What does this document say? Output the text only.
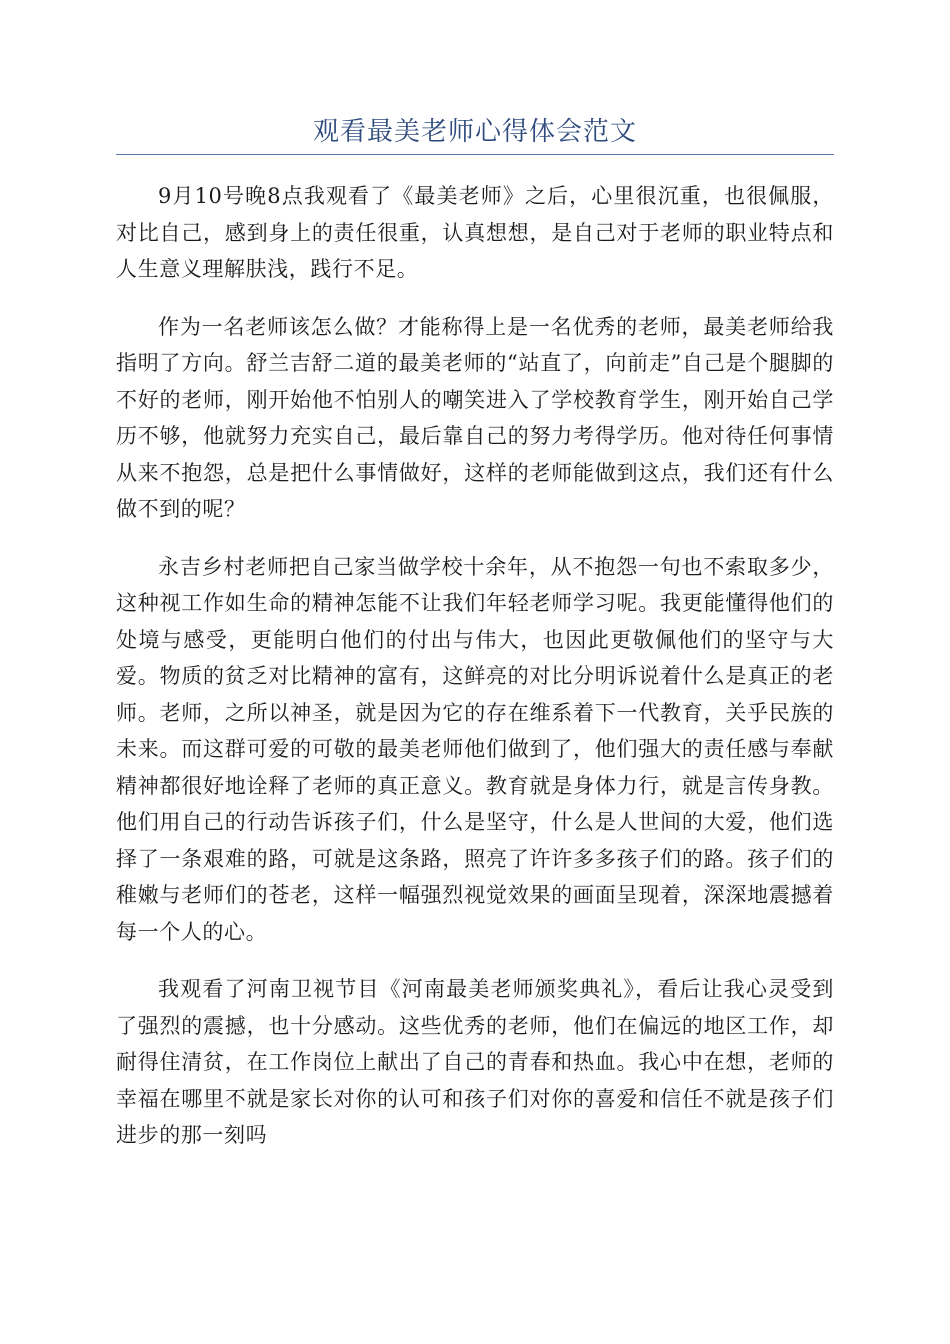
观看最美老师心得体会范文

9月10号晚8点我观看了《最美老师》之后，心里很沉重，也很佩服，对比自己，感到身上的责任很重，认真想想，是自己对于老师的职业特点和人生意义理解肤浅，践行不足。

作为一名老师该怎么做？才能称得上是一名优秀的老师，最美老师给我指明了方向。舒兰吉舒二道的最美老师的“站直了，向前走”自己是个腿脚的不好的老师，刚开始他不怕别人的嘲笑进入了学校教育学生，刚开始自己学历不够，他就努力充实自己，最后靠自己的努力考得学历。他对待任何事情从来不抱怨，总是把什么事情做好，这样的老师能做到这点，我们还有什么做不到的呢？

永吉乡村老师把自己家当做学校十余年，从不抱怨一句也不索取多少，这种视工作如生命的精神怎能不让我们年轻老师学习呢。我更能懂得他们的处境与感受，更能明白他们的付出与伟大，也因此更敬佩他们的坚守与大爱。物质的贫乏对比精神的富有，这鲜亮的对比分明诉说着什么是真正的老师。老师，之所以神圣，就是因为它的存在维系着下一代教育，关乎民族的未来。而这群可爱的可敬的最美老师他们做到了，他们强大的责任感与奉献精神都很好地诠释了老师的真正意义。教育就是身体力行，就是言传身教。他们用自己的行动告诉孩子们，什么是坚守，什么是人世间的大爱，他们选择了一条艰难的路，可就是这条路，照亮了许许多多孩子们的路。孩子们的稚嫩与老师们的苍老，这样一幅强烈视觉效果的画面呈现着，深深地震撼着每一个人的心。

我观看了河南卫视节目《河南最美老师颁奖典礼》，看后让我心灵受到了强烈的震撼，也十分感动。这些优秀的老师，他们在偏远的地区工作，却耐得住清贫，在工作岗位上献出了自己的青春和热血。我心中在想，老师的幸福在哪里不就是家长对你的认可和孩子们对你的喜爱和信任不就是孩子们进步的那一刻吗
